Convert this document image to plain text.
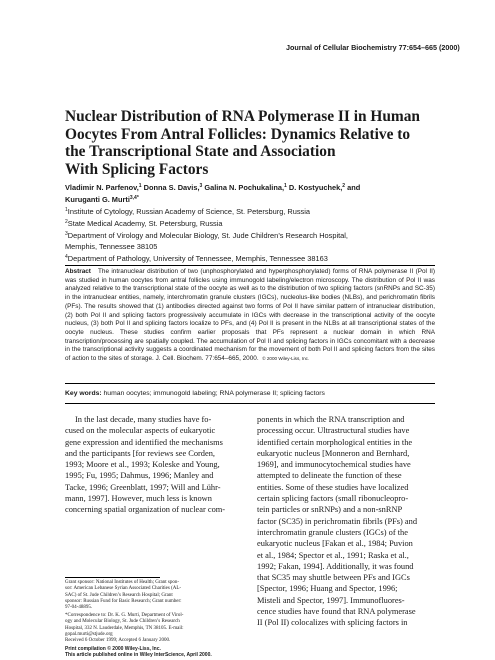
Journal of Cellular Biochemistry 77:654–665 (2000)
Nuclear Distribution of RNA Polymerase II in Human
Oocytes From Antral Follicles: Dynamics Relative to
the Transcriptional State and Association
With Splicing Factors
Vladimir N. Parfenov,$^1$ Donna S. Davis,$^3$ Galina N. Pochukalina,$^1$ D. Kostyuchek,$^2$ and
Kuruganti G. Murti$^{3,4*}$
$^1$Institute of Cytology, Russian Academy of Science, St. Petersburg, Russia
$^2$State Medical Academy, St. Petersburg, Russia
$^3$Department of Virology and Molecular Biology, St. Jude Children’s Research Hospital,
Memphis, Tennessee 38105
$^4$Department of Pathology, University of Tennessee, Memphis, Tennessee 38163
Abstract The intranuclear distribution of two (unphosphorylated and hyperphosphorylated) forms of RNA polymerase II (Pol II) was studied in human oocytes from antral follicles using immunogold labeling/electron microscopy. The distribution of Pol II was analyzed relative to the transcriptional state of the oocyte as well as to the distribution of two splicing factors (snRNPs and SC-35) in the intranuclear entities, namely, interchromatin granule clusters (IGCs), nucleolus-like bodies (NLBs), and perichromatin fibrils (PFs). The results showed that (1) antibodies directed against two forms of Pol II have similar pattern of intranuclear distribution, (2) both Pol II and splicing factors progressively accumulate in IGCs with decrease in the transcriptional activity of the oocyte nucleus, (3) both Pol II and splicing factors localize to PFs, and (4) Pol II is present in the NLBs at all transcriptional states of the oocyte nucleus. These studies confirm earlier proposals that PFs represent a nuclear domain in which RNA transcription/processing are spatially coupled. The accumulation of Pol II and splicing factors in IGCs concomitant with a decrease in the transcriptional activity suggests a coordinated mechanism for the movement of both Pol II and splicing factors from the sites of action to the sites of storage. J. Cell. Biochem. 77:654–665, 2000. © 2000 Wiley-Liss, Inc.
Key words: human oocytes; immunogold labeling; RNA polymerase II; splicing factors
In the last decade, many studies have fo-
cused on the molecular aspects of eukaryotic
gene expression and identified the mechanisms
and the participants [for reviews see Corden,
1993; Moore et al., 1993; Koleske and Young,
1995; Fu, 1995; Dahmus, 1996; Manley and
Tacke, 1996; Greenblatt, 1997; Will and Lühr-
mann, 1997]. However, much less is known
concerning spatial organization of nuclear com-
ponents in which the RNA transcription and
processing occur. Ultrastructural studies have
identified certain morphological entities in the
eukaryotic nucleus [Monneron and Bernhard,
1969], and immunocytochemical studies have
attempted to delineate the function of these
entities. Some of these studies have localized
certain splicing factors (small ribonucleopro-
tein particles or snRNPs) and a non-snRNP
factor (SC35) in perichromatin fibrils (PFs) and
interchromatin granule clusters (IGCs) of the
eukaryotic nucleus [Fakan et al., 1984; Puvion
et al., 1984; Spector et al., 1991; Raska et al.,
1992; Fakan, 1994]. Additionally, it was found
that SC35 may shuttle between PFs and IGCs
[Spector, 1996; Huang and Spector, 1996;
Misteli and Spector, 1997]. Immunofluores-
cence studies have found that RNA polymerase
II (Pol II) colocalizes with splicing factors in
Grant sponsor: National Institutes of Health; Grant spon-
sor: American Lebanese Syrian Associated Charities (AL-
SAC) of St. Jude Children’s Research Hospital; Grant
sponsor: Russian Fund for Basic Research; Grant number:
97-04-48895.
*Correspondence to: Dr. K. G. Murti, Department of Virol-
ogy and Molecular Biology, St. Jude Children’s Research
Hospital, 332 N. Lauderdale, Memphis, TN 38105. E-mail:
gopal.murti@stjude.org
Received 6 October 1999; Accepted 6 January 2000.
Print compilation © 2000 Wiley-Liss, Inc.
This article published online in Wiley InterScience, April 2000.
